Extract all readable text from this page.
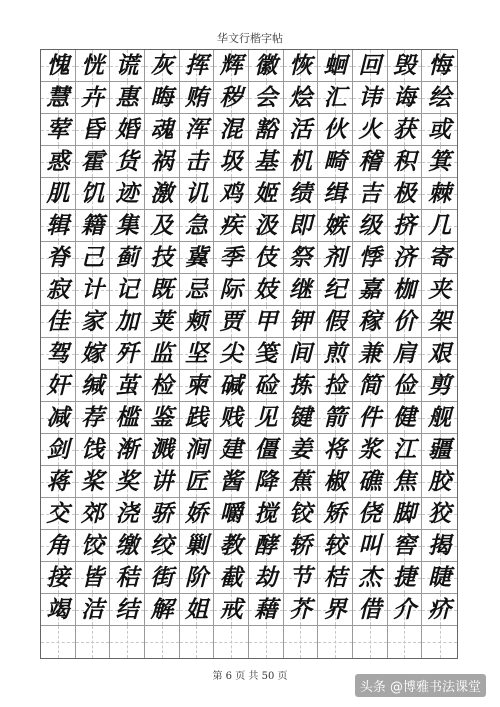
华文行楷字帖
愧 恍 谎 灰 挥 辉 徽 恢 蛔 回 毁 悔
慧 卉 惠 晦 贿 秽 会 烩 汇 讳 诲 绘
荤 昏 婚 魂 浑 混 豁 活 伙 火 获 或
惑 霍 货 祸 击 圾 基 机 畸 稽 积 箕
肌 饥 迹 激 讥 鸡 姬 绩 缉 吉 极 棘
辑 籍 集 及 急 疾 汲 即 嫉 级 挤 几
脊 己 蓟 技 冀 季 伎 祭 剂 悸 济 寄
寂 计 记 既 忌 际 妓 继 纪 嘉 枷 夹
佳 家 加 荚 颊 贾 甲 钾 假 稼 价 架
驾 嫁 歼 监 坚 尖 笺 间 煎 兼 肩 艰
奸 缄 茧 检 柬 碱 硷 拣 捡 简 俭 剪
减 荐 槛 鉴 践 贱 见 键 箭 件 健 舰
剑 饯 渐 溅 涧 建 僵 姜 将 浆 江 疆
蒋 桨 奖 讲 匠 酱 降 蕉 椒 礁 焦 胶
交 郊 浇 骄 娇 嚼 搅 铰 矫 侥 脚 狡
角 饺 缴 绞 剿 教 酵 轿 较 叫 窖 揭
接 皆 秸 街 阶 截 劫 节 桔 杰 捷 睫
竭 洁 结 解 姐 戒 藉 芥 界 借 介 疥
第 6 页 共 50 页
头条 @博雅书法课堂
